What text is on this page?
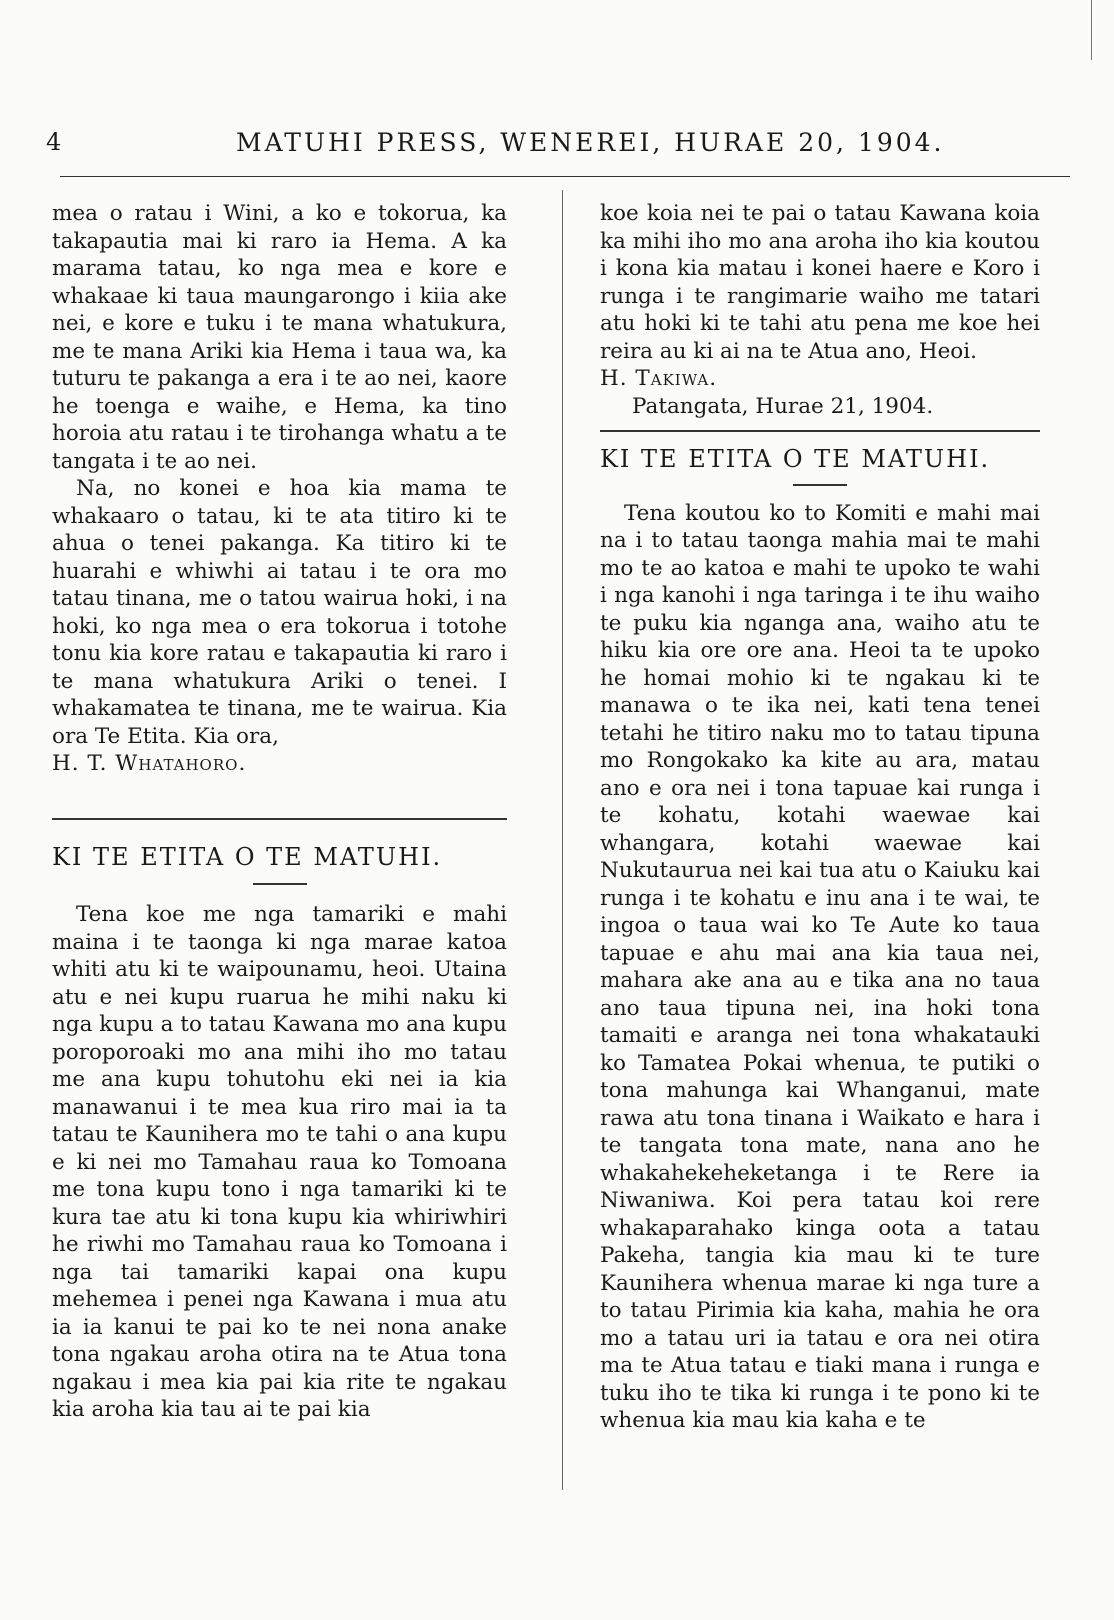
4	MATUHI PRESS, WENEREI, HURAE 20, 1904.

mea o ratau i Wini, a ko e tokorua, ka takapautia mai ki raro ia Hema. A ka marama tatau, ko nga mea e kore e whakaae ki taua maungarongo i kiia ake nei, e kore e tuku i te mana whatukura, me te mana Ariki kia Hema i taua wa, ka tuturu te pakanga a era i te ao nei, kaore he toenga e waihe, e Hema, ka tino horoia atu ratau i te tirohanga whatu a te tangata i te ao nei.

Na, no konei e hoa kia mama te whakaaro o tatau, ki te ata titiro ki te ahua o tenei pakanga. Ka titiro ki te huarahi e whiwhi ai tatau i te ora mo tatau tinana, me o tatou wairua hoki, i na hoki, ko nga mea o era tokorua i totohe tonu kia kore ratau e takapautia ki raro i te mana whatukura Ariki o tenei. I whakamatea te tinana, me te wairua. Kia ora Te Etita. Kia ora,

H. T. Whatahoro.

KI TE ETITA O TE MATUHI.

Tena koe me nga tamariki e mahi maina i te taonga ki nga marae katoa whiti atu ki te waipounamu, heoi. Utaina atu e nei kupu ruarua he mihi naku ki nga kupu a to tatau Kawana mo ana kupu poroporoaki mo ana mihi iho mo tatau me ana kupu tohutohu eki nei ia kia manawanui i te mea kua riro mai ia ta tatau te Kaunihera mo te tahi o ana kupu e ki nei mo Tamahau raua ko Tomoana me tona kupu tono i nga tamariki ki te kura tae atu ki tona kupu kia whiriwhiri he riwhi mo Tamahau raua ko Tomoana i nga tai tamariki kapai ona kupu mehemea i penei nga Kawana i mua atu ia ia kanui te pai ko te nei nona anake tona ngakau aroha otira na te Atua tona ngakau i mea kia pai kia rite te ngakau kia aroha kia tau ai te pai kia

koe koia nei te pai o tatau Kawana koia ka mihi iho mo ana aroha iho kia koutou i kona kia matau i konei haere e Koro i runga i te rangimarie waiho me tatari atu hoki ki te tahi atu pena me koe hei reira au ki ai na te Atua ano, Heoi.

H. Takiwa.

Patangata, Hurae 21, 1904.

KI TE ETITA O TE MATUHI.

Tena koutou ko to Komiti e mahi mai na i to tatau taonga mahia mai te mahi mo te ao katoa e mahi te upoko te wahi i nga kanohi i nga taringa i te ihu waiho te puku kia nganga ana, waiho atu te hiku kia ore ore ana. Heoi ta te upoko he homai mohio ki te ngakau ki te manawa o te ika nei, kati tena tenei tetahi he titiro naku mo to tatau tipuna mo Rongokako ka kite au ara, matau ano e ora nei i tona tapuae kai runga i te kohatu, kotahi waewae kai whangara, kotahi waewae kai Nukutaurua nei kai tua atu o Kaiuku kai runga i te kohatu e inu ana i te wai, te ingoa o taua wai ko Te Aute ko taua tapuae e ahu mai ana kia taua nei, mahara ake ana au e tika ana no taua ano taua tipuna nei, ina hoki tona tamaiti e aranga nei tona whakatauki ko Tamatea Pokai whenua, te putiki o tona mahunga kai Whanganui, mate rawa atu tona tinana i Waikato e hara i te tangata tona mate, nana ano he whakahekeheketanga i te Rere ia Niwaniwa. Koi pera tatau koi rere whakaparahako kinga oota a tatau Pakeha, tangia kia mau ki te ture Kaunihera whenua marae ki nga ture a to tatau Pirimia kia kaha, mahia he ora mo a tatau uri ia tatau e ora nei otira ma te Atua tatau e tiaki mana i runga e tuku iho te tika ki runga i te pono ki te whenua kia mau kia kaha e te
